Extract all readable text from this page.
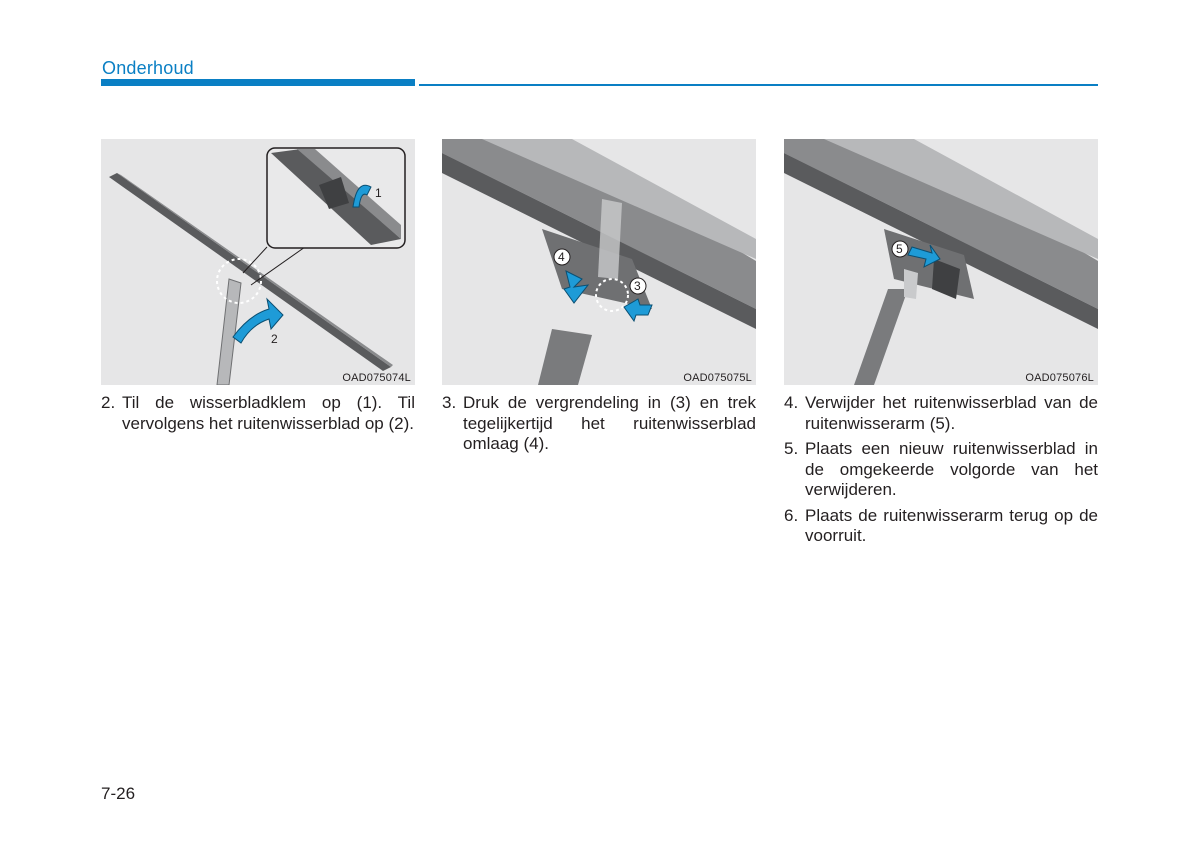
Onderhoud
1
2
OAD075074L
4
3
OAD075075L
5
OAD075076L
2. Til de wisserbladklem op (1). Til vervolgens het ruitenwisserblad op (2).
3. Druk de vergrendeling in (3) en trek tegelijkertijd het ruitenwisserblad omlaag (4).
4. Verwijder het ruitenwisserblad van de ruitenwisserarm (5).
5. Plaats een nieuw ruitenwisserblad in de omgekeerde volgorde van het verwijderen.
6. Plaats de ruitenwisserarm terug op de voorruit.
7-26
